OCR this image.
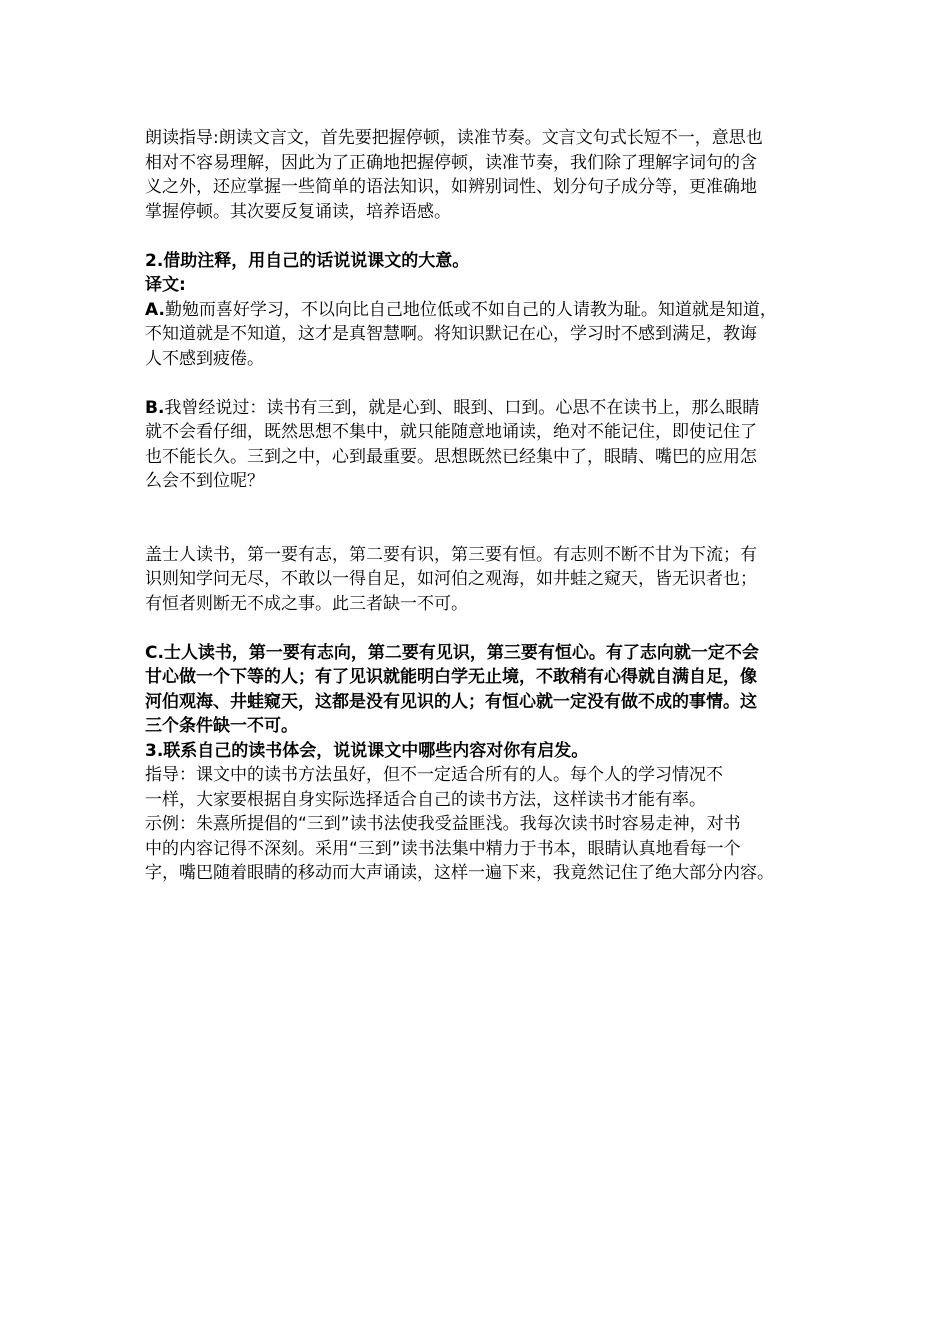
朗读指导:朗读文言文，首先要把握停顿，读准节奏。文言文句式长短不一，意思也
相对不容易理解，因此为了正确地把握停顿，读准节奏，我们除了理解字词句的含
义之外，还应掌握一些简单的语法知识，如辨别词性、划分句子成分等，更准确地
掌握停顿。其次要反复诵读，培养语感。
2.借助注释，用自己的话说说课文的大意。
译文:
A.勤勉而喜好学习，不以向比自己地位低或不如自己的人请教为耻。知道就是知道，
不知道就是不知道，这才是真智慧啊。将知识默记在心，学习时不感到满足，教诲
人不感到疲倦。
B.我曾经说过：读书有三到，就是心到、眼到、口到。心思不在读书上，那么眼睛
就不会看仔细，既然思想不集中，就只能随意地诵读，绝对不能记住，即使记住了
也不能长久。三到之中，心到最重要。思想既然已经集中了，眼睛、嘴巴的应用怎
么会不到位呢？
盖士人读书，第一要有志，第二要有识，第三要有恒。有志则不断不甘为下流；有
识则知学问无尽，不敢以一得自足，如河伯之观海，如井蛙之窥天，皆无识者也；
有恒者则断无不成之事。此三者缺一不可。
C.士人读书，第一要有志向，第二要有见识，第三要有恒心。有了志向就一定不会
甘心做一个下等的人；有了见识就能明白学无止境，不敢稍有心得就自满自足，像
河伯观海、井蛙窥天，这都是没有见识的人；有恒心就一定没有做不成的事情。这
三个条件缺一不可。
3.联系自己的读书体会，说说课文中哪些内容对你有启发。
指导：课文中的读书方法虽好，但不一定适合所有的人。每个人的学习情况不
一样，大家要根据自身实际选择适合自己的读书方法，这样读书才能有率。
示例：朱熹所提倡的“三到”读书法使我受益匪浅。我每次读书时容易走神，对书
中的内容记得不深刻。采用“三到”读书法集中精力于书本，眼睛认真地看每一个
字，嘴巴随着眼睛的移动而大声诵读，这样一遍下来，我竟然记住了绝大部分内容。
